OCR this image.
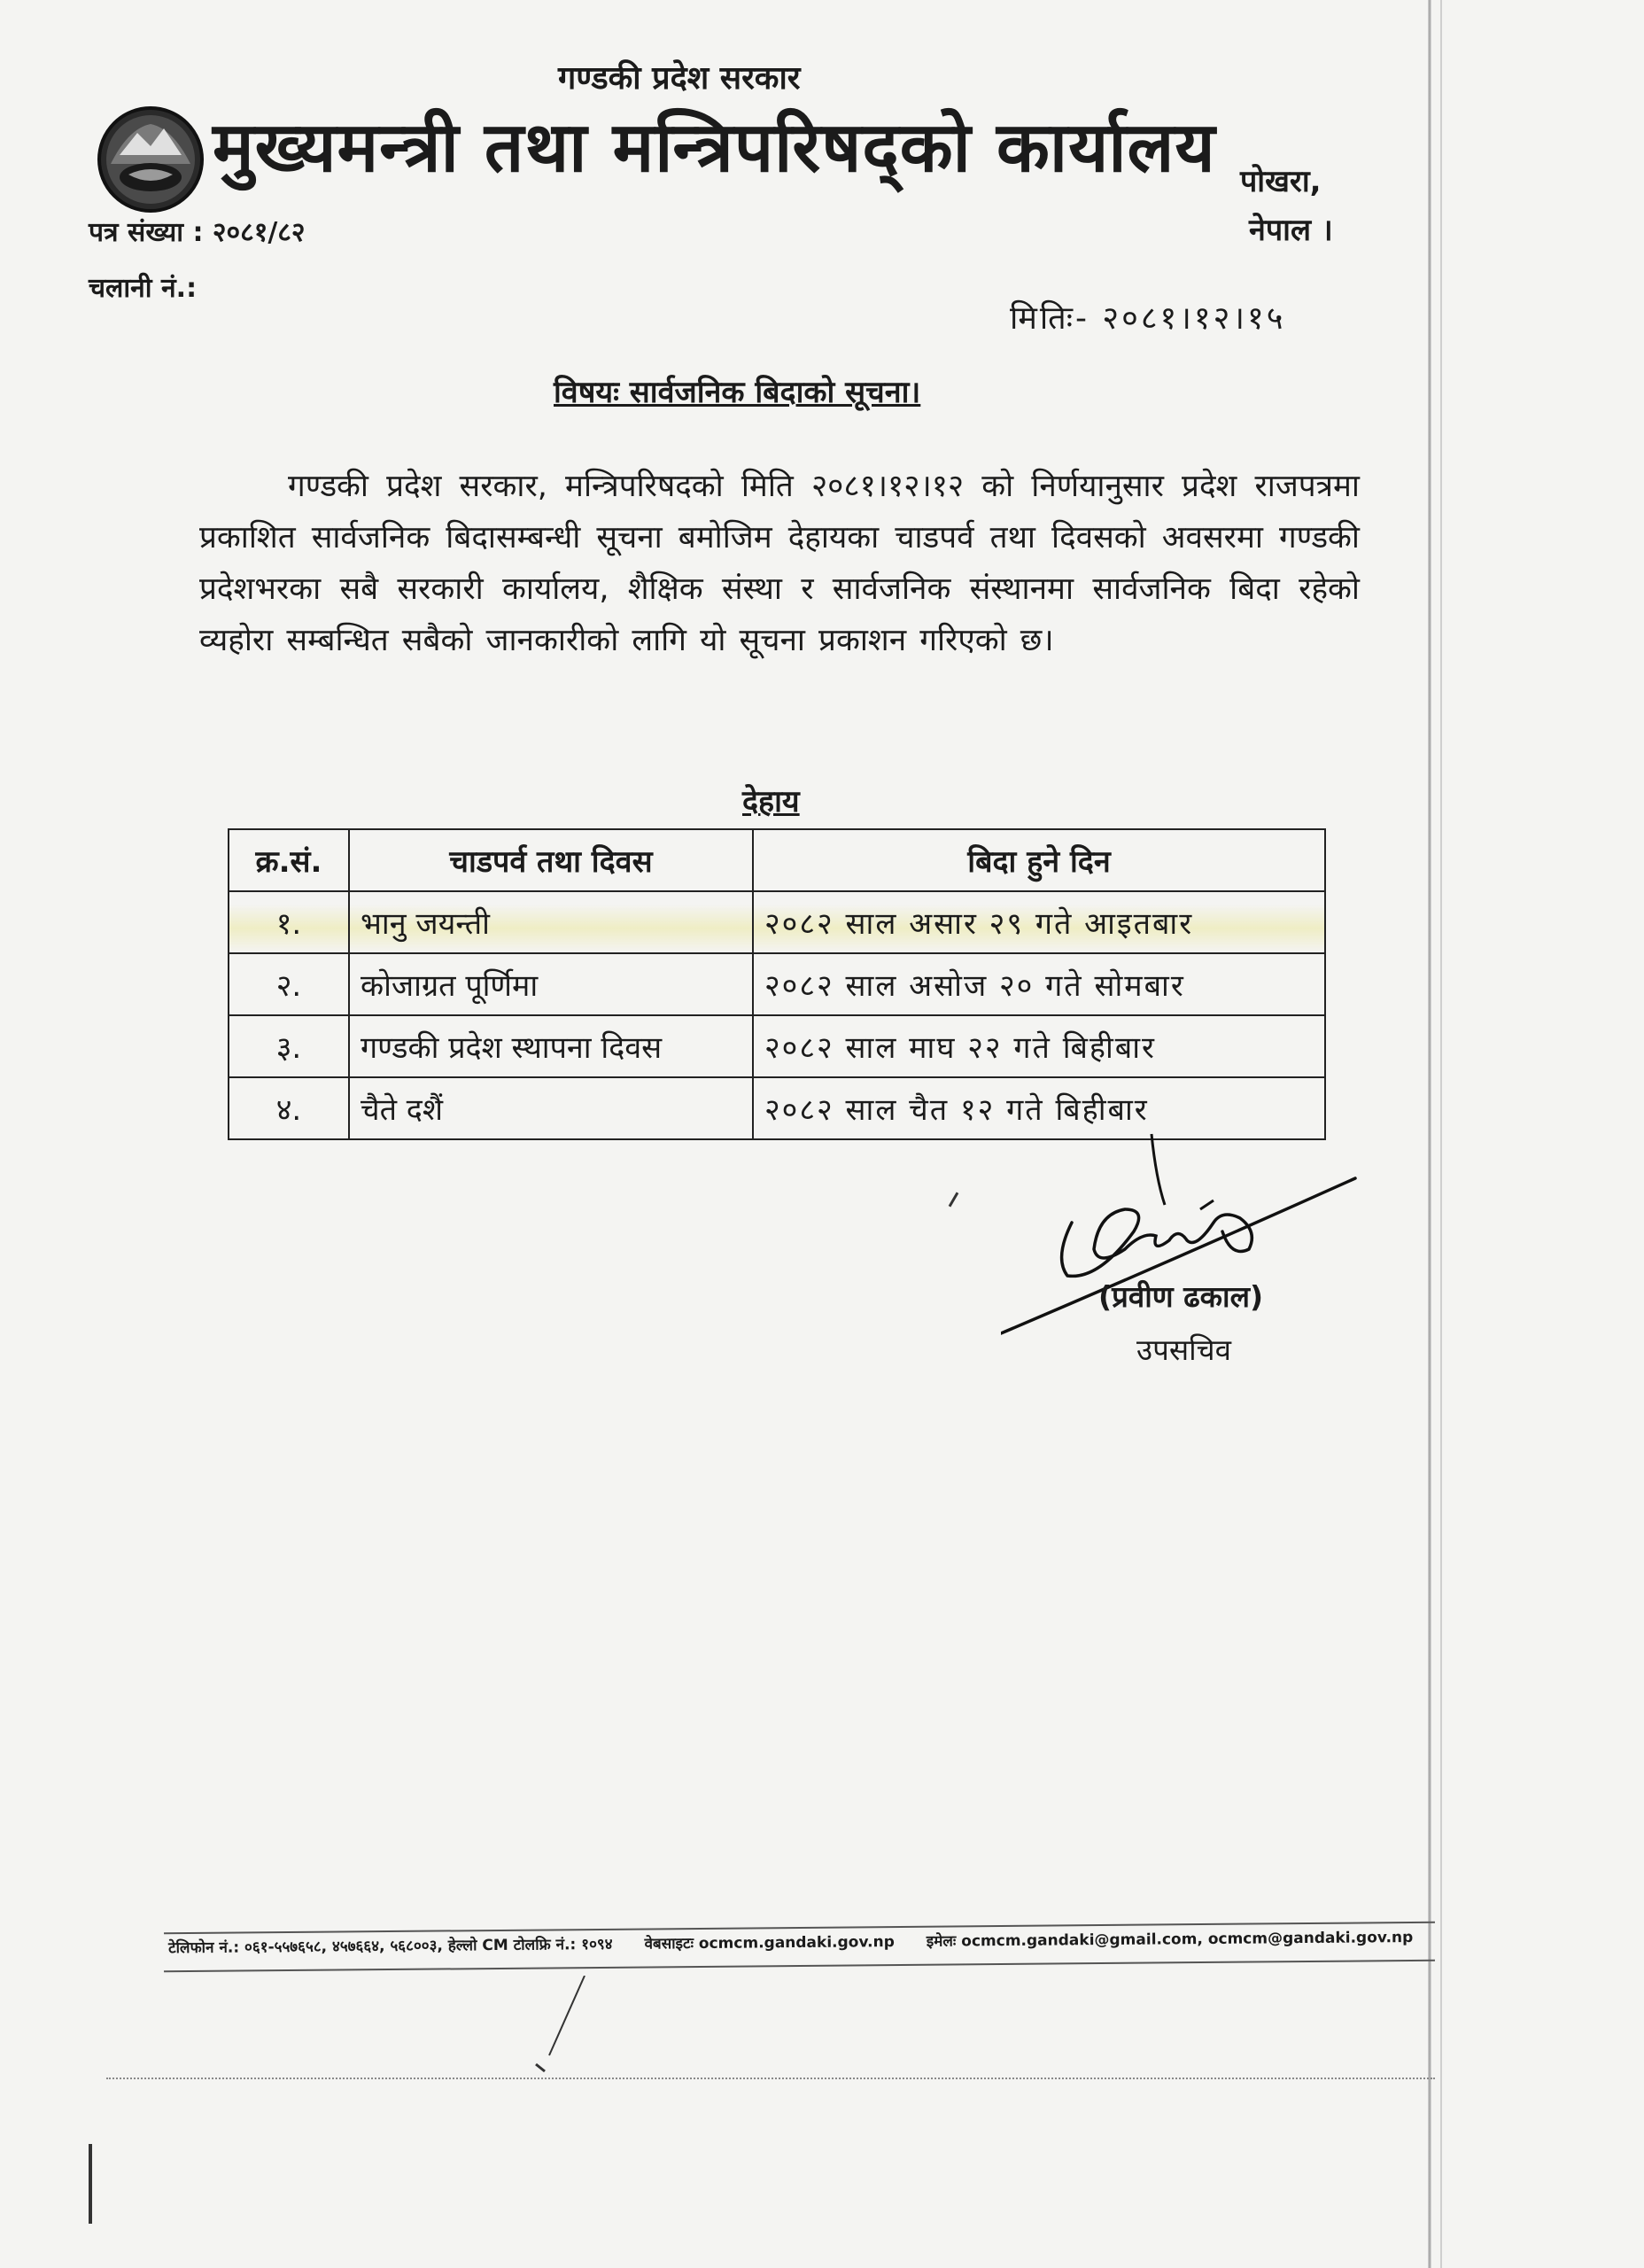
गण्डकी प्रदेश सरकार
मुख्यमन्त्री तथा मन्त्रिपरिषद्को कार्यालय पोखरा,
नेपाल ।
पत्र संख्या : २०८१/८२
चलानी नं.:
मितिः- २०८१।१२।१५
विषयः सार्वजनिक बिदाको सूचना।
गण्डकी प्रदेश सरकार, मन्त्रिपरिषदको मिति २०८१।१२।१२ को निर्णयानुसार प्रदेश राजपत्रमा प्रकाशित सार्वजनिक बिदासम्बन्धी सूचना बमोजिम देहायका चाडपर्व तथा दिवसको अवसरमा गण्डकी प्रदेशभरका सबै सरकारी कार्यालय, शैक्षिक संस्था र सार्वजनिक संस्थानमा सार्वजनिक बिदा रहेको व्यहोरा सम्बन्धित सबैको जानकारीको लागि यो सूचना प्रकाशन गरिएको छ।
देहाय
क्र.सं.	चाडपर्व तथा दिवस	बिदा हुने दिन
१.	भानु जयन्ती	२०८२ साल असार २९ गते आइतबार
२.	कोजाग्रत पूर्णिमा	२०८२ साल असोज २० गते सोमबार
३.	गण्डकी प्रदेश स्थापना दिवस	२०८२ साल माघ २२ गते बिहीबार
४.	चैते दशैं	२०८२ साल चैत १२ गते बिहीबार
(प्रवीण ढकाल)
उपसचिव
टेलिफोन नं.: ०६१-५५७६५८, ४५७६६४, ५६८००३, हेल्लो CM टोलफ्रि नं.: १०९४ वेबसाइटः ocmcm.gandaki.gov.np इमेलः ocmcm.gandaki@gmail.com, ocmcm@gandaki.gov.np
